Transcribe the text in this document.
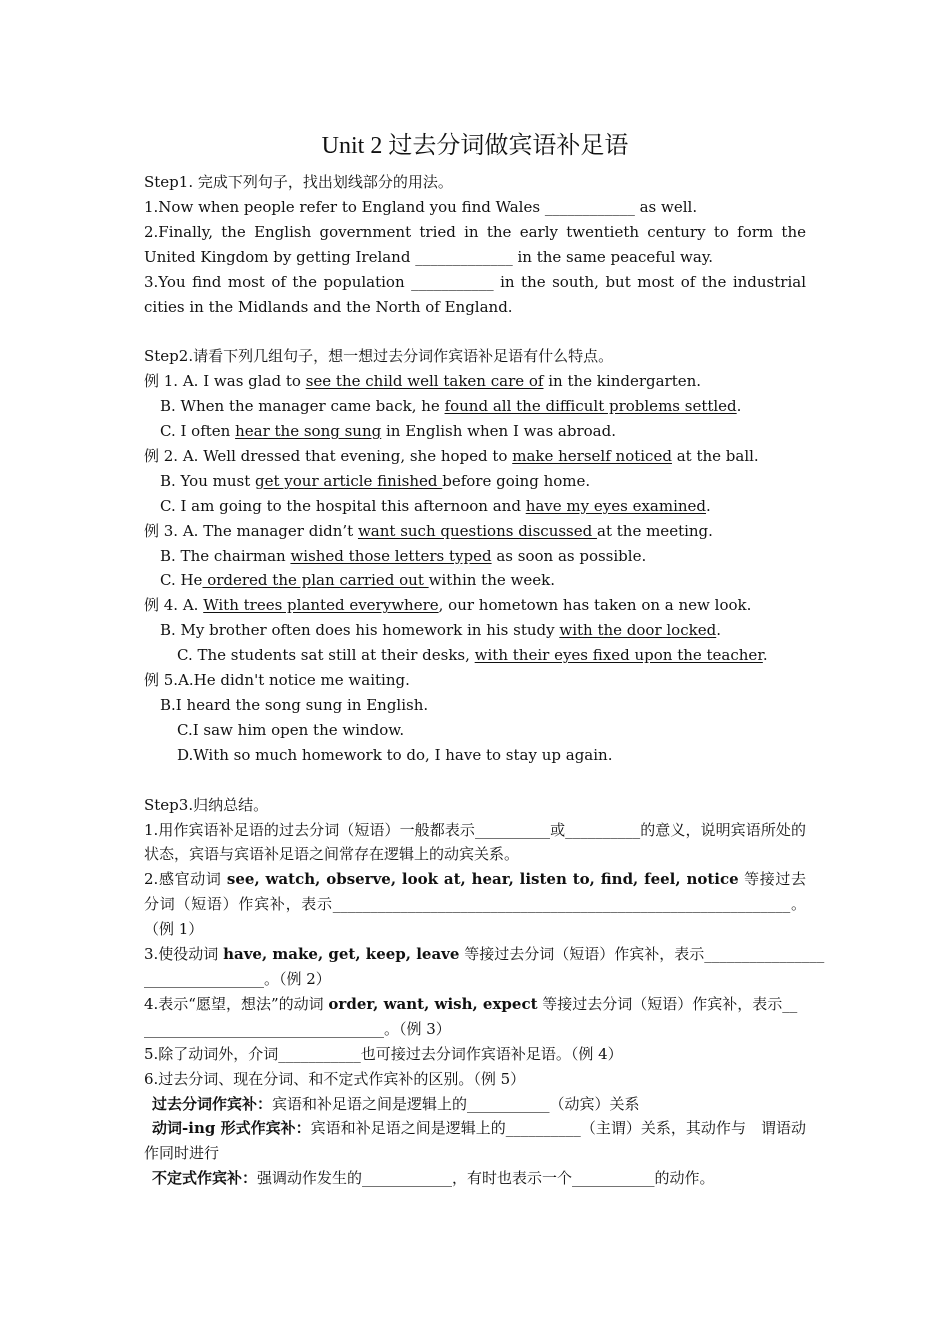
Unit 2 过去分词做宾语补足语
Step1. 完成下列句子，找出划线部分的用法。
1.Now when people refer to England you find Wales ____________ as well.
2.Finally, the English government tried in the early twentieth century to form the United Kingdom by getting Ireland _____________ in the same peaceful way.
3.You find most of the population ___________ in the south, but most of the industrial cities in the Midlands and the North of England.
Step2.请看下列几组句子，想一想过去分词作宾语补足语有什么特点。
例 1. A. I was glad to see the child well taken care of in the kindergarten.
B. When the manager came back, he found all the difficult problems settled.
C. I often hear the song sung in English when I was abroad.
例 2. A. Well dressed that evening, she hoped to make herself noticed at the ball.
B. You must get your article finished before going home.
C. I am going to the hospital this afternoon and have my eyes examined.
例 3. A. The manager didn’t want such questions discussed at the meeting.
B. The chairman wished those letters typed as soon as possible.
C. He ordered the plan carried out within the week.
例 4. A. With trees planted everywhere, our hometown has taken on a new look.
B. My brother often does his homework in his study with the door locked.
C. The students sat still at their desks, with their eyes fixed upon the teacher.
例 5.A.He didn't notice me waiting.
B.I heard the song sung in English.
C.I saw him open the window.
D.With so much homework to do, I have to stay up again.
Step3.归纳总结。
1.用作宾语补足语的过去分词（短语）一般都表示__________或__________的意义，说明宾语所处的状态，宾语与宾语补足语之间常存在逻辑上的动宾关系。
2.感官动词 see, watch, observe, look at, hear, listen to, find, feel, notice 等接过去分词（短语）作宾补，表示_____________________________________________________________。（例 1）
3.使役动词 have, make, get, keep, leave 等接过去分词（短语）作宾补，表示________________
________________。（例 2）
4.表示“愿望，想法”的动词 order, want, wish, expect 等接过去分词（短语）作宾补，表示__
________________________________。（例 3）
5.除了动词外，介词___________也可接过去分词作宾语补足语。（例 4）
6.过去分词、现在分词、和不定式作宾补的区别。（例 5）
过去分词作宾补：宾语和补足语之间是逻辑上的___________（动宾）关系
动词-ing 形式作宾补：宾语和补足语之间是逻辑上的__________（主谓）关系，其动作与　谓语动作同时进行
不定式作宾补：强调动作发生的____________，有时也表示一个___________的动作。
